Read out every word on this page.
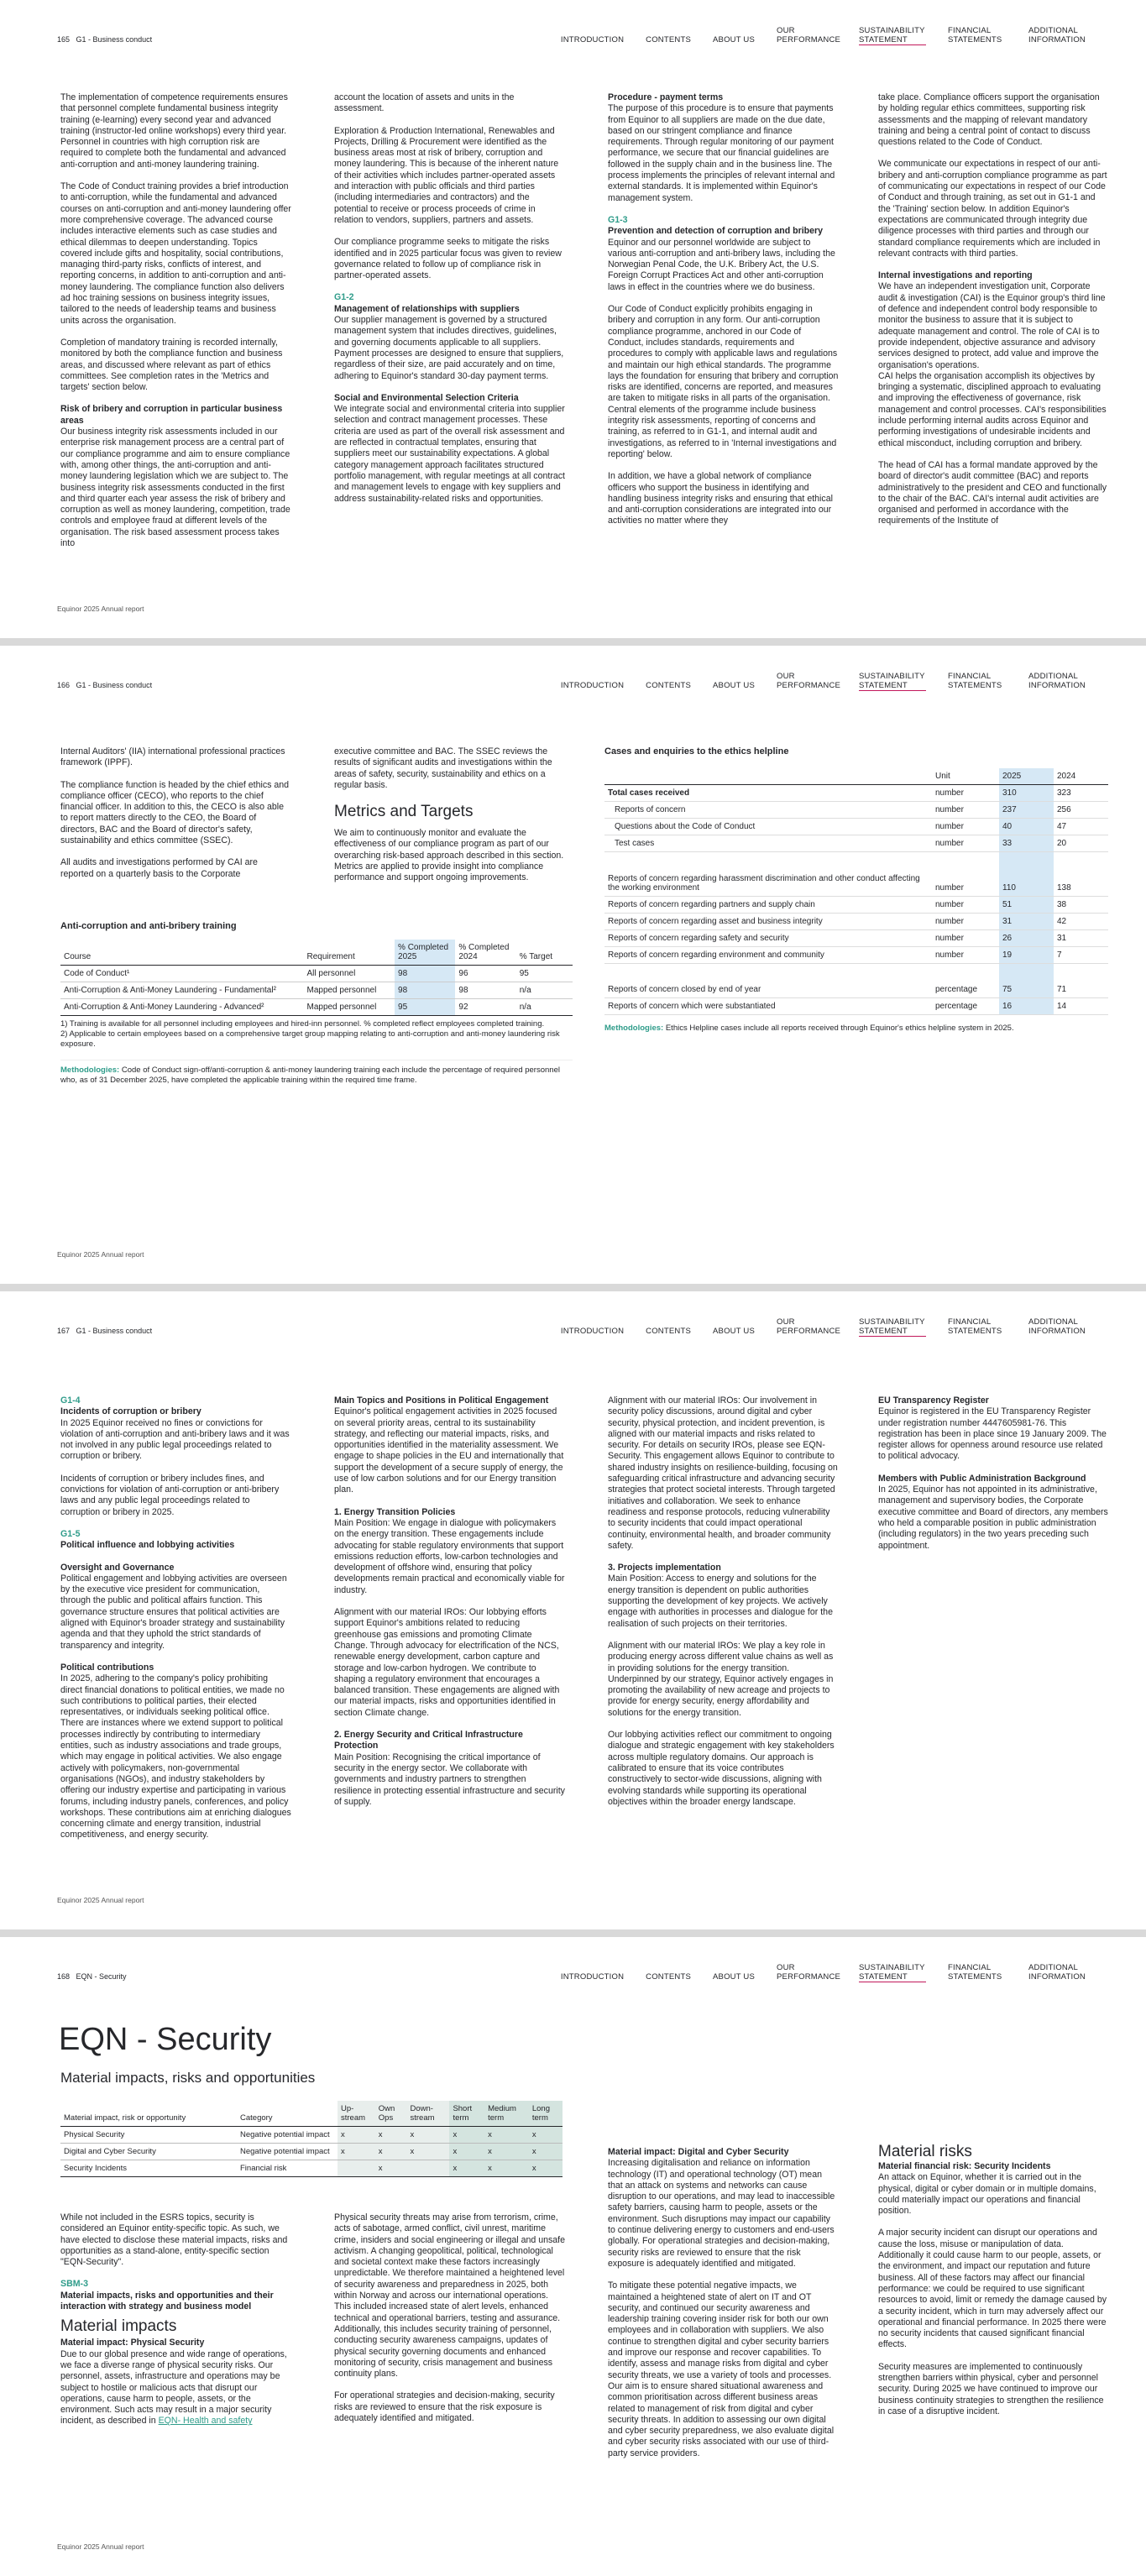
165 G1 - Business conduct	INTRODUCTION	CONTENTS	ABOUT US
OUR PERFORMANCE
SUSTAINABILITY STATEMENT
FINANCIAL STATEMENTS
ADDITIONAL INFORMATION

The implementation of competence requirements ensures that personnel complete fundamental business integrity training (e-learning) every second year and advanced training (instructor-led online workshops) every third year. Personnel in countries with high corruption risk are required to complete both the fundamental and advanced anti-corruption and anti-money laundering training.

The Code of Conduct training provides a brief introduction to anti-corruption, while the fundamental and advanced courses on anti-corruption and anti-money laundering offer more comprehensive coverage. The advanced course includes interactive elements such as case studies and ethical dilemmas to deepen understanding. Topics covered include gifts and hospitality, social contributions, managing third-party risks, conflicts of interest, and reporting concerns, in addition to anti-corruption and anti-money laundering. The compliance function also delivers ad hoc training sessions on business integrity issues, tailored to the needs of leadership teams and business units across the organisation.

Completion of mandatory training is recorded internally, monitored by both the compliance function and business areas, and discussed where relevant as part of ethics committees. See completion rates in the 'Metrics and targets' section below.

Risk of bribery and corruption in particular business areas

Our business integrity risk assessments included in our enterprise risk management process are a central part of our compliance programme and aim to ensure compliance with, among other things, the anti-corruption and anti-money laundering legislation which we are subject to. The business integrity risk assessments conducted in the first and third quarter each year assess the risk of bribery and corruption as well as money laundering, competition, trade controls and employee fraud at different levels of the organisation. The risk based assessment process takes into

account the location of assets and units in the assessment.

Exploration & Production International, Renewables and Projects, Drilling & Procurement were identified as the business areas most at risk of bribery, corruption and money laundering. This is because of the inherent nature of their activities which includes partner-operated assets and interaction with public officials and third parties (including intermediaries and contractors) and the potential to receive or process proceeds of crime in relation to vendors, suppliers, partners and assets.

Our compliance programme seeks to mitigate the risks identified and in 2025 particular focus was given to review governance related to follow up of compliance risk in partner-operated assets.

G1-2
Management of relationships with suppliers

Our supplier management is governed by a structured management system that includes directives, guidelines, and governing documents applicable to all suppliers. Payment processes are designed to ensure that suppliers, regardless of their size, are paid accurately and on time, adhering to Equinor's standard 30-day payment terms.

Social and Environmental Selection Criteria

We integrate social and environmental criteria into supplier selection and contract management processes. These criteria are used as part of the overall risk assessment and are reflected in contractual templates, ensuring that suppliers meet our sustainability expectations. A global category management approach facilitates structured portfolio management, with regular meetings at all contract and management levels to engage with key suppliers and address sustainability-related risks and opportunities.

Procedure - payment terms

The purpose of this procedure is to ensure that payments from Equinor to all suppliers are made on the due date, based on our stringent compliance and finance requirements. Through regular monitoring of our payment performance, we secure that our financial guidelines are followed in the supply chain and in the business line. The process implements the principles of relevant internal and external standards. It is implemented within Equinor's management system.

G1-3
Prevention and detection of corruption and bribery

Equinor and our personnel worldwide are subject to various anti-corruption and anti-bribery laws, including the Norwegian Penal Code, the U.K. Bribery Act, the U.S. Foreign Corrupt Practices Act and other anti-corruption laws in effect in the countries where we do business.

Our Code of Conduct explicitly prohibits engaging in bribery and corruption in any form. Our anti-corruption compliance programme, anchored in our Code of Conduct, includes standards, requirements and procedures to comply with applicable laws and regulations and maintain our high ethical standards. The programme lays the foundation for ensuring that bribery and corruption risks are identified, concerns are reported, and measures are taken to mitigate risks in all parts of the organisation. Central elements of the programme include business integrity risk assessments, reporting of concerns and training, as referred to in G1-1, and internal audit and investigations, as referred to in 'Internal investigations and reporting' below.

In addition, we have a global network of compliance officers who support the business in identifying and handling business integrity risks and ensuring that ethical and anti-corruption considerations are integrated into our activities no matter where they

take place. Compliance officers support the organisation by holding regular ethics committees, supporting risk assessments and the mapping of relevant mandatory training and being a central point of contact to discuss questions related to the Code of Conduct.

We communicate our expectations in respect of our anti-bribery and anti-corruption compliance programme as part of communicating our expectations in respect of our Code of Conduct and through training, as set out in G1-1 and the 'Training' section below. In addition Equinor's expectations are communicated through integrity due diligence processes with third parties and through our standard compliance requirements which are included in relevant contracts with third parties.

Internal investigations and reporting

We have an independent investigation unit, Corporate audit & investigation (CAI) is the Equinor group's third line of defence and independent control body responsible to monitor the business to assure that it is subject to adequate management and control. The role of CAI is to provide independent, objective assurance and advisory services designed to protect, add value and improve the organisation's operations.

CAI helps the organisation accomplish its objectives by bringing a systematic, disciplined approach to evaluating and improving the effectiveness of governance, risk management and control processes. CAI's responsibilities include performing internal audits across Equinor and performing investigations of undesirable incidents and ethical misconduct, including corruption and bribery.

The head of CAI has a formal mandate approved by the board of director's audit committee (BAC) and reports administratively to the president and CEO and functionally to the chair of the BAC. CAI's internal audit activities are organised and performed in accordance with the requirements of the Institute of

Equinor 2025 Annual report
166 G1 - Business conduct	INTRODUCTION	CONTENTS	ABOUT US
OUR PERFORMANCE
SUSTAINABILITY STATEMENT
FINANCIAL STATEMENTS
ADDITIONAL INFORMATION

Internal Auditors' (IIA) international professional practices framework (IPPF).

The compliance function is headed by the chief ethics and compliance officer (CECO), who reports to the chief financial officer. In addition to this, the CECO is also able to report matters directly to the CEO, the Board of directors, BAC and the Board of director's safety, sustainability and ethics committee (SSEC).

All audits and investigations performed by CAI are reported on a quarterly basis to the Corporate

executive committee and BAC. The SSEC reviews the results of significant audits and investigations within the areas of safety, security, sustainability and ethics on a regular basis.

Metrics and Targets

We aim to continuously monitor and evaluate the effectiveness of our compliance program as part of our overarching risk-based approach described in this section. Metrics are applied to provide insight into compliance performance and support ongoing improvements.

Anti-corruption and anti-bribery training
Course	Requirement	% Completed 2025	% Completed 2024	% Target
Code of Conduct¹	All personnel	98	96	95
Anti-Corruption & Anti-Money Laundering - Fundamental²	Mapped personnel	98	98	n/a
Anti-Corruption & Anti-Money Laundering - Advanced²	Mapped personnel	95	92	n/a
1) Training is available for all personnel including employees and hired-inn personnel. % completed reflect employees completed training.
2) Applicable to certain employees based on a comprehensive target group mapping relating to anti-corruption and anti-money laundering risk exposure.
Methodologies: Code of Conduct sign-off/anti-corruption & anti-money laundering training each include the percentage of required personnel who, as of 31 December 2025, have completed the applicable training within the required time frame.
Cases and enquiries to the ethics helpline
	Unit	2025	2024
Total cases received	number	310	323
Reports of concern	number	237	256
Questions about the Code of Conduct	number	40	47
Test cases	number	33	20

Reports of concern regarding harassment discrimination and other conduct affecting the working environment	number	110	138
Reports of concern regarding partners and supply chain	number	51	38
Reports of concern regarding asset and business integrity	number	31	42
Reports of concern regarding safety and security	number	26	31
Reports of concern regarding environment and community	number	19	7

Reports of concern closed by end of year	percentage	75	71
Reports of concern which were substantiated	percentage	16	14
Methodologies: Ethics Helpline cases include all reports received through Equinor's ethics helpline system in 2025.
Equinor 2025 Annual report
167 G1 - Business conduct	INTRODUCTION	CONTENTS	ABOUT US
OUR PERFORMANCE
SUSTAINABILITY STATEMENT
FINANCIAL STATEMENTS
ADDITIONAL INFORMATION
G1-4
Incidents of corruption or bribery

In 2025 Equinor received no fines or convictions for violation of anti-corruption and anti-bribery laws and it was not involved in any public legal proceedings related to corruption or bribery.

Incidents of corruption or bribery includes fines, and convictions for violation of anti-corruption or anti-bribery laws and any public legal proceedings related to corruption or bribery in 2025.

G1-5
Political influence and lobbying activities
Oversight and Governance

Political engagement and lobbying activities are overseen by the executive vice president for communication, through the public and political affairs function. This governance structure ensures that political activities are aligned with Equinor's broader strategy and sustainability agenda and that they uphold the strict standards of transparency and integrity.

Political contributions

In 2025, adhering to the company's policy prohibiting direct financial donations to political entities, we made no such contributions to political parties, their elected representatives, or individuals seeking political office. There are instances where we extend support to political processes indirectly by contributing to intermediary entities, such as industry associations and trade groups, which may engage in political activities. We also engage actively with policymakers, non-governmental organisations (NGOs), and industry stakeholders by offering our industry expertise and participating in various forums, including industry panels, conferences, and policy workshops. These contributions aim at enriching dialogues concerning climate and energy transition, industrial competitiveness, and energy security.

Main Topics and Positions in Political Engagement

Equinor's political engagement activities in 2025 focused on several priority areas, central to its sustainability strategy, and reflecting our material impacts, risks, and opportunities identified in the materiality assessment. We engage to shape policies in the EU and internationally that support the development of a secure supply of energy, the use of low carbon solutions and for our Energy transition plan.

1. Energy Transition Policies

Main Position: We engage in dialogue with policymakers on the energy transition. These engagements include advocating for stable regulatory environments that support emissions reduction efforts, low-carbon technologies and development of offshore wind, ensuring that policy developments remain practical and economically viable for industry.

Alignment with our material IROs: Our lobbying efforts support Equinor's ambitions related to reducing greenhouse gas emissions and promoting Climate Change. Through advocacy for electrification of the NCS, renewable energy development, carbon capture and storage and low-carbon hydrogen. We contribute to shaping a regulatory environment that encourages a balanced transition. These engagements are aligned with our material impacts, risks and opportunities identified in section Climate change.

2. Energy Security and Critical Infrastructure Protection

Main Position: Recognising the critical importance of security in the energy sector. We collaborate with governments and industry partners to strengthen resilience in protecting essential infrastructure and security of supply.

Alignment with our material IROs: Our involvement in security policy discussions, around digital and cyber security, physical protection, and incident prevention, is aligned with our material impacts and risks related to security. For details on security IROs, please see EQN-Security. This engagement allows Equinor to contribute to shared industry insights on resilience-building, focusing on safeguarding critical infrastructure and advancing security strategies that protect societal interests. Through targeted initiatives and collaboration. We seek to enhance readiness and response protocols, reducing vulnerability to security incidents that could impact operational continuity, environmental health, and broader community safety.

3. Projects implementation

Main Position: Access to energy and solutions for the energy transition is dependent on public authorities supporting the development of key projects. We actively engage with authorities in processes and dialogue for the realisation of such projects on their territories.

Alignment with our material IROs: We play a key role in producing energy across different value chains as well as in providing solutions for the energy transition. Underpinned by our strategy, Equinor actively engages in promoting the availability of new acreage and projects to provide for energy security, energy affordability and solutions for the energy transition.

Our lobbying activities reflect our commitment to ongoing dialogue and strategic engagement with key stakeholders across multiple regulatory domains. Our approach is calibrated to ensure that its voice contributes constructively to sector-wide discussions, aligning with evolving standards while supporting its operational objectives within the broader energy landscape.

EU Transparency Register

Equinor is registered in the EU Transparency Register under registration number 4447605981-76. This registration has been in place since 19 January 2009. The register allows for openness around resource use related to political advocacy.

Members with Public Administration Background

In 2025, Equinor has not appointed in its administrative, management and supervisory bodies, the Corporate executive committee and Board of directors, any members who held a comparable position in public administration (including regulators) in the two years preceding such appointment.

Equinor 2025 Annual report
168 EQN - Security	INTRODUCTION	CONTENTS	ABOUT US
OUR PERFORMANCE
SUSTAINABILITY STATEMENT
FINANCIAL STATEMENTS
ADDITIONAL INFORMATION
EQN - Security
Material impacts, risks and opportunities
Material impact, risk or opportunity	Category	Up-stream	Own Ops	Down-stream	Short term	Medium term	Long term
Physical Security	Negative potential impact	x	x	x	x	x	x
Digital and Cyber Security	Negative potential impact	x	x	x	x	x	x
Security Incidents	Financial risk		x		x	x	x

While not included in the ESRS topics, security is considered an Equinor entity-specific topic. As such, we have elected to disclose these material impacts, risks and opportunities as a stand-alone, entity-specific section "EQN-Security".

SBM-3
Material impacts, risks and opportunities and their interaction with strategy and business model
Material impacts
Material impact: Physical Security

Due to our global presence and wide range of operations, we face a diverse range of physical security risks. Our personnel, assets, infrastructure and operations may be subject to hostile or malicious acts that disrupt our operations, cause harm to people, assets, or the environment. Such acts may result in a major security incident, as described in EQN- Health and safety

Physical security threats may arise from terrorism, crime, acts of sabotage, armed conflict, civil unrest, maritime crime, insiders and social engineering or illegal and unsafe activism. A changing geopolitical, political, technological and societal context make these factors increasingly unpredictable. We therefore maintained a heightened level of security awareness and preparedness in 2025, both within Norway and across our international operations. This included increased state of alert levels, enhanced technical and operational barriers, testing and assurance. Additionally, this includes security training of personnel, conducting security awareness campaigns, updates of physical security governing documents and enhanced monitoring of security, crisis management and business continuity plans.

For operational strategies and decision-making, security risks are reviewed to ensure that the risk exposure is adequately identified and mitigated.

Material impact: Digital and Cyber Security

Increasing digitalisation and reliance on information technology (IT) and operational technology (OT) mean that an attack on systems and networks can cause disruption to our operations, and may lead to inaccessible safety barriers, causing harm to people, assets or the environment. Such disruptions may impact our capability to continue delivering energy to customers and end-users globally. For operational strategies and decision-making, security risks are reviewed to ensure that the risk exposure is adequately identified and mitigated.

To mitigate these potential negative impacts, we maintained a heightened state of alert on IT and OT security, and continued our security awareness and leadership training covering insider risk for both our own employees and in collaboration with suppliers. We also continue to strengthen digital and cyber security barriers and improve our response and recover capabilities. To identify, assess and manage risks from digital and cyber security threats, we use a variety of tools and processes. Our aim is to ensure shared situational awareness and common prioritisation across different business areas related to management of risk from digital and cyber security threats. In addition to assessing our own digital and cyber security preparedness, we also evaluate digital and cyber security risks associated with our use of third-party service providers.

Material risks
Material financial risk: Security Incidents

An attack on Equinor, whether it is carried out in the physical, digital or cyber domain or in multiple domains, could materially impact our operations and financial position.

A major security incident can disrupt our operations and cause the loss, misuse or manipulation of data. Additionally it could cause harm to our people, assets, or the environment, and impact our reputation and future business. All of these factors may affect our financial performance: we could be required to use significant resources to avoid, limit or remedy the damage caused by a security incident, which in turn may adversely affect our operational and financial performance. In 2025 there were no security incidents that caused significant financial effects.

Security measures are implemented to continuously strengthen barriers within physical, cyber and personnel security. During 2025 we have continued to improve our business continuity strategies to strengthen the resilience in case of a disruptive incident.

Equinor 2025 Annual report
